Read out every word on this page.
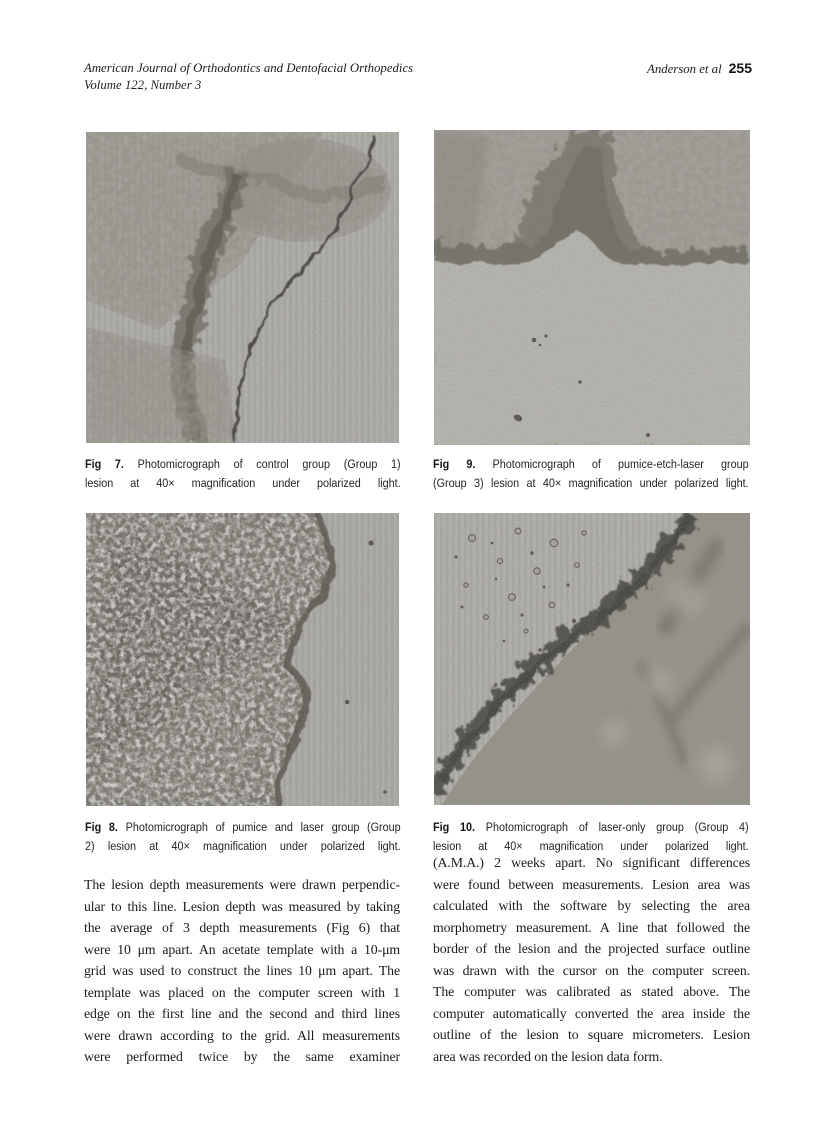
American Journal of Orthodontics and Dentofacial Orthopedics
Volume 122, Number 3
Anderson et al 255
Fig 7. Photomicrograph of control group (Group 1)
lesion at 40× magnification under polarized light.
Fig 9. Photomicrograph of pumice-etch-laser group
(Group 3) lesion at 40× magnification under polarized light.
Fig 8. Photomicrograph of pumice and laser group (Group
2) lesion at 40× magnification under polarized light.
Fig 10. Photomicrograph of laser-only group (Group 4)
lesion at 40× magnification under polarized light.
The lesion depth measurements were drawn perpendic-
ular to this line. Lesion depth was measured by taking
the average of 3 depth measurements (Fig 6) that
were 10 μm apart. An acetate template with a 10-μm
grid was used to construct the lines 10 μm apart. The
template was placed on the computer screen with 1
edge on the first line and the second and third lines
were drawn according to the grid. All measurements
were performed twice by the same examiner
(A.M.A.) 2 weeks apart. No significant differences
were found between measurements. Lesion area was
calculated with the software by selecting the area
morphometry measurement. A line that followed the
border of the lesion and the projected surface outline
was drawn with the cursor on the computer screen.
The computer was calibrated as stated above. The
computer automatically converted the area inside the
outline of the lesion to square micrometers. Lesion
area was recorded on the lesion data form.
